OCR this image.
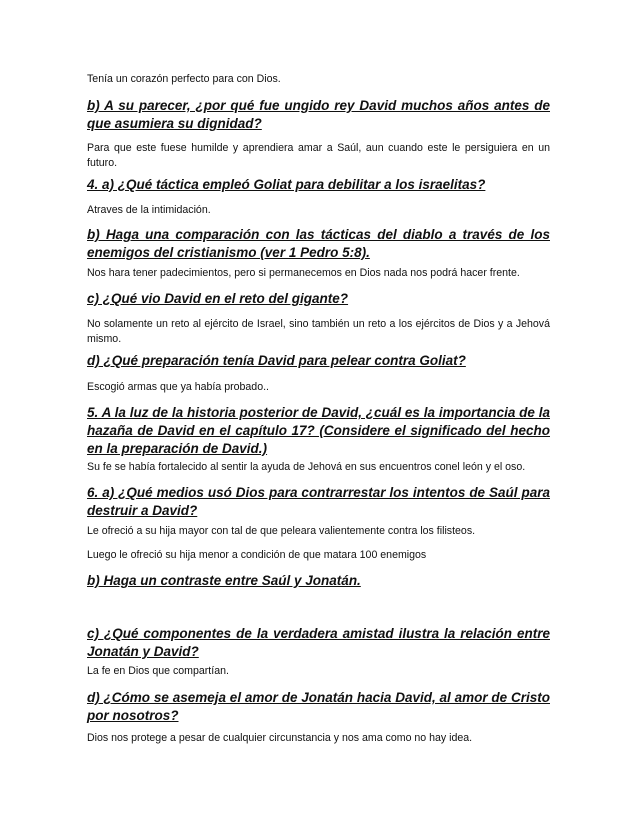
Tenía un corazón perfecto para con Dios.

b) A su parecer, ¿por qué fue ungido rey David muchos años antes de que asumiera su dignidad?

Para que este fuese humilde y aprendiera amar a Saúl, aun cuando este le persiguiera en un futuro.

4. a) ¿Qué táctica empleó Goliat para debilitar a los israelitas?

Atraves de la intimidación.

b) Haga una comparación con las tácticas del diablo a través de los enemigos del cristianismo (ver 1 Pedro 5:8).

Nos hara tener padecimientos, pero si permanecemos en Dios nada nos podrá hacer frente.

c) ¿Qué vio David en el reto del gigante?

No solamente un reto al ejército de Israel, sino también un reto a los ejércitos de Dios y a Jehová mismo.

d) ¿Qué preparación tenía David para pelear contra Goliat?

Escogió armas que ya había probado..

5. A la luz de la historia posterior de David, ¿cuál es la importancia de la hazaña de David en el capítulo 17? (Considere el significado del hecho en la preparación de David.)

Su fe se había fortalecido al sentir la ayuda de Jehová en sus encuentros conel león y el oso.

6. a) ¿Qué medios usó Dios para contrarrestar los intentos de Saúl para destruir a David?

Le ofreció a su hija mayor con tal de que peleara valientemente contra los filisteos.

Luego le ofreció su hija menor a condición de que matara 100 enemigos

b) Haga un contraste entre Saúl y Jonatán.

c) ¿Qué componentes de la verdadera amistad ilustra la relación entre Jonatán y David?

La fe en Dios que compartían.

d) ¿Cómo se asemeja el amor de Jonatán hacia David, al amor de Cristo por nosotros?

Dios nos protege a pesar de cualquier circunstancia y nos ama como no hay idea.
